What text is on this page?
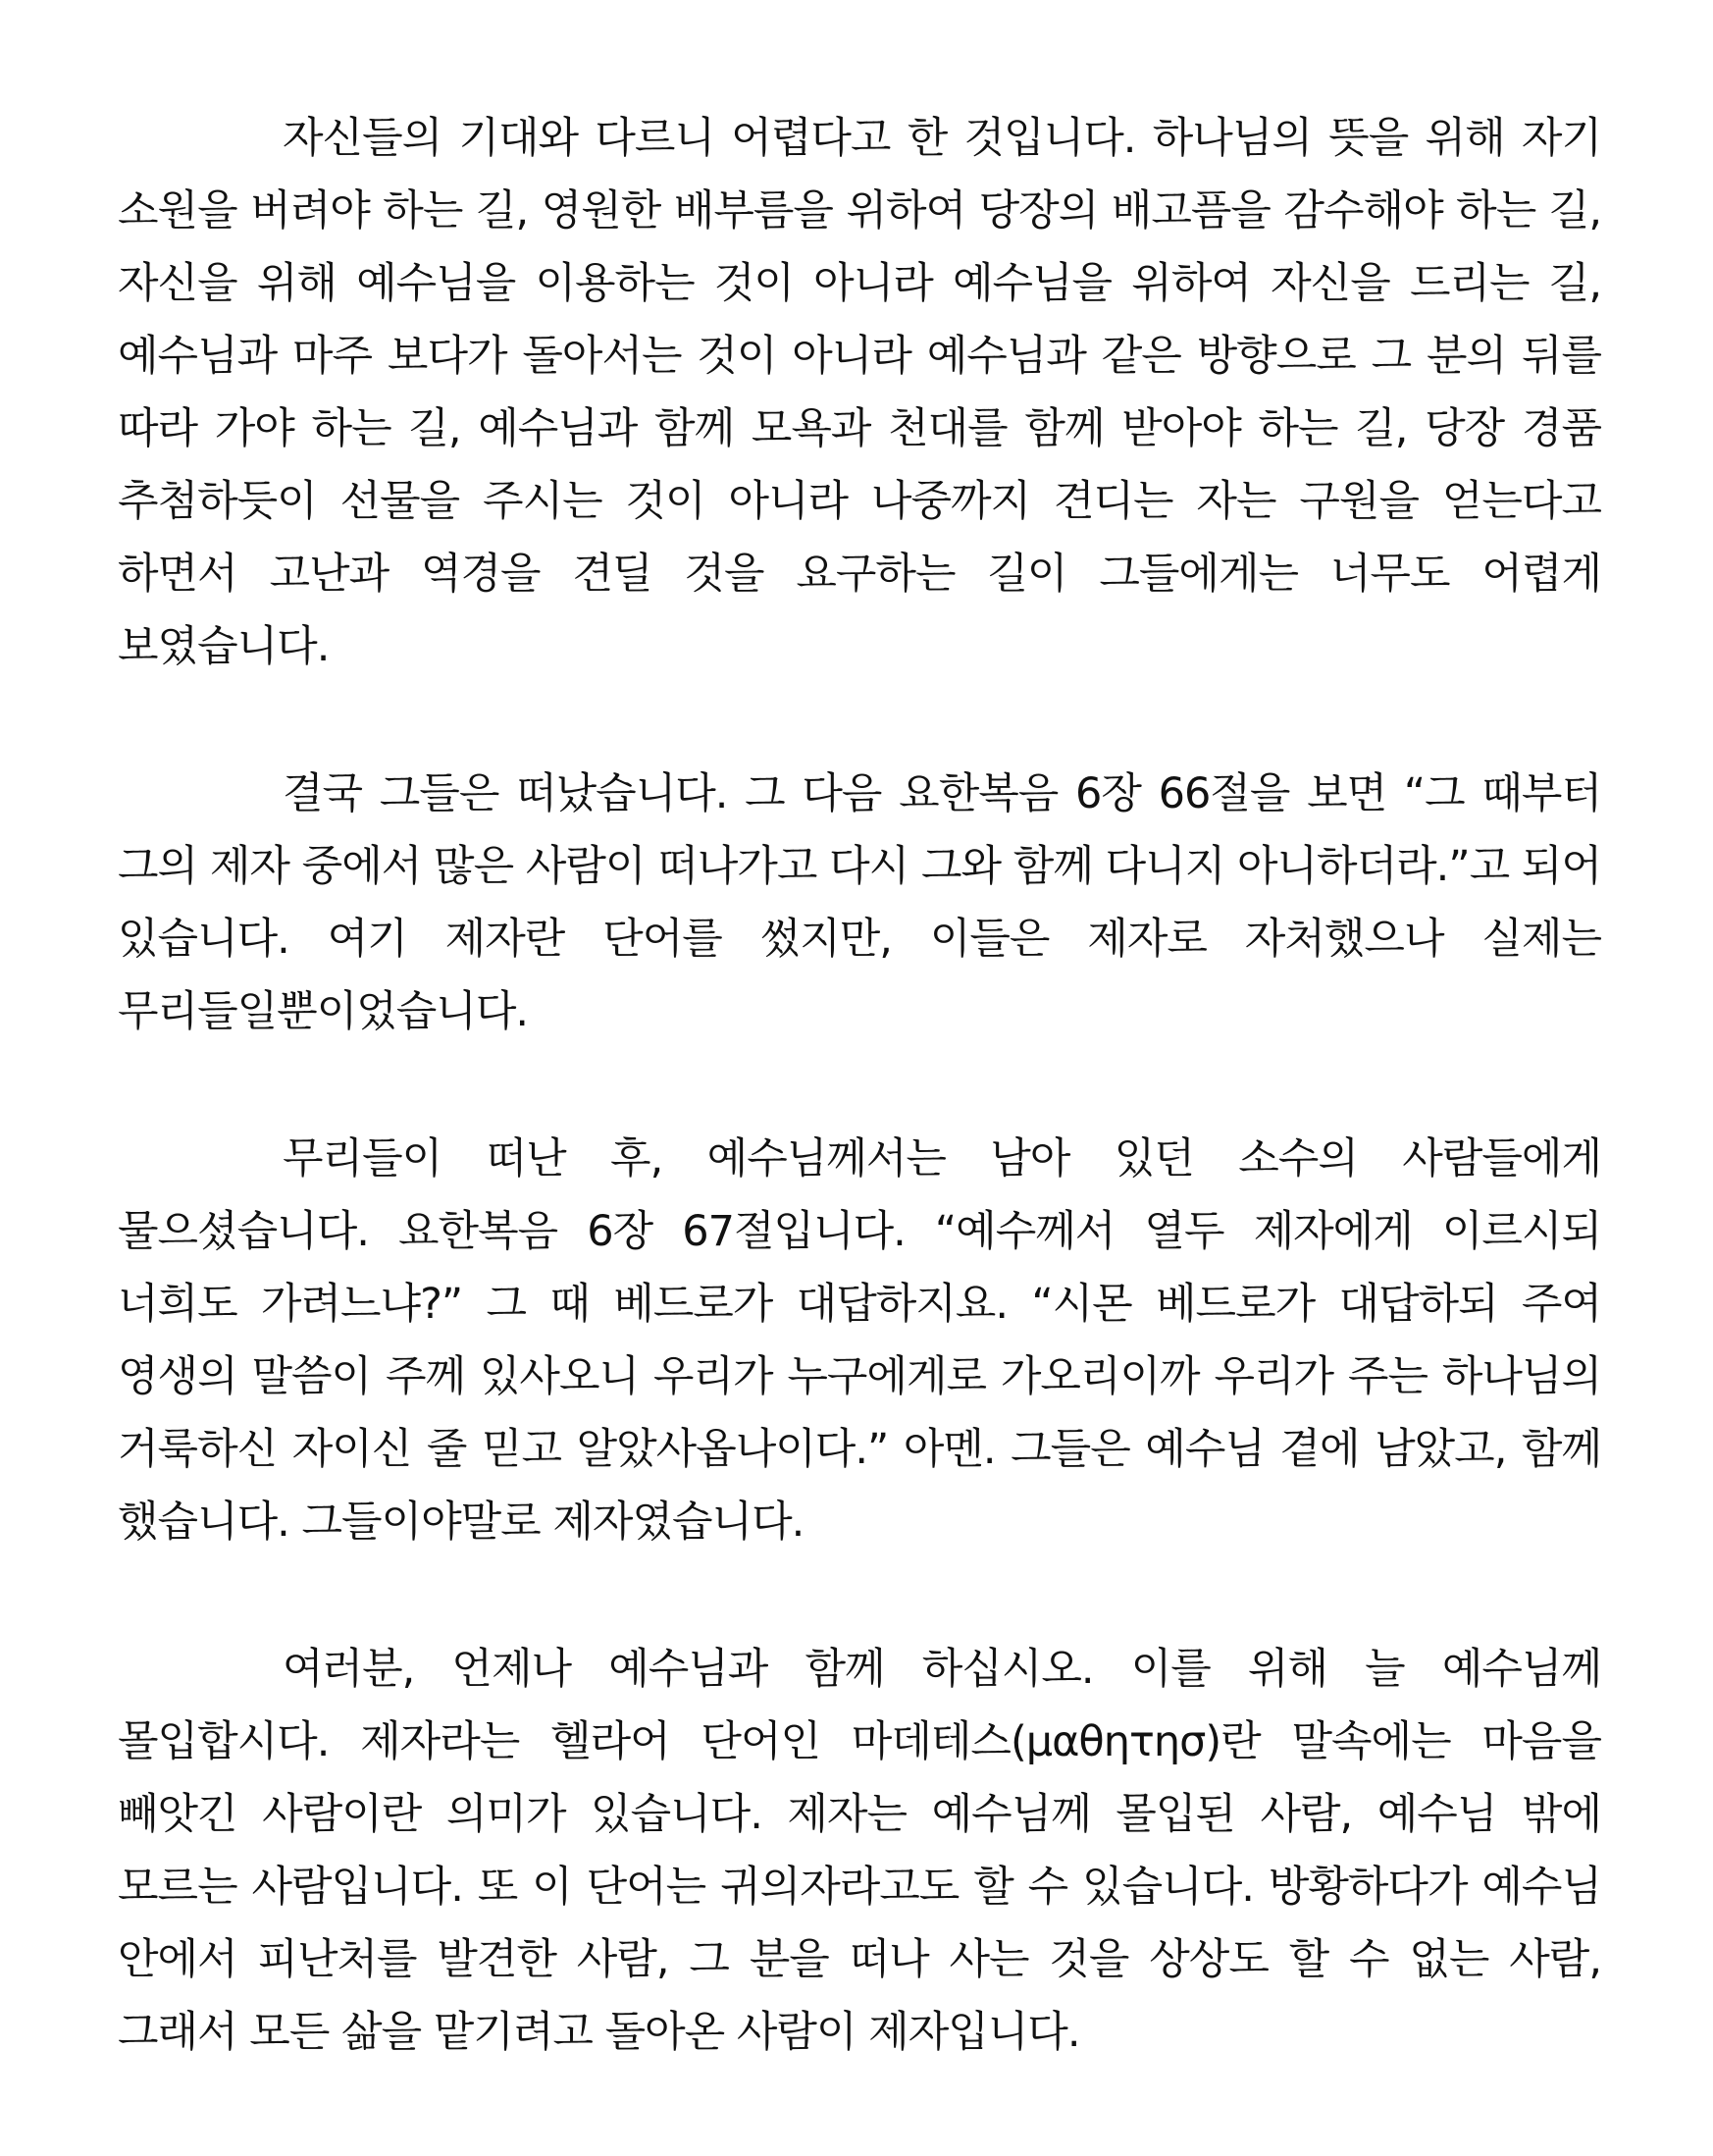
자신들의 기대와 다르니 어렵다고 한 것입니다. 하나님의 뜻을 위해 자기 소원을 버려야 하는 길, 영원한 배부름을 위하여 당장의 배고픔을 감수해야 하는 길, 자신을 위해 예수님을 이용하는 것이 아니라 예수님을 위하여 자신을 드리는 길, 예수님과 마주 보다가 돌아서는 것이 아니라 예수님과 같은 방향으로 그 분의 뒤를 따라 가야 하는 길, 예수님과 함께 모욕과 천대를 함께 받아야 하는 길, 당장 경품 추첨하듯이 선물을 주시는 것이 아니라 나중까지 견디는 자는 구원을 얻는다고 하면서 고난과 역경을 견딜 것을 요구하는 길이 그들에게는 너무도 어렵게 보였습니다.

결국 그들은 떠났습니다. 그 다음 요한복음 6장 66절을 보면 “그 때부터 그의 제자 중에서 많은 사람이 떠나가고 다시 그와 함께 다니지 아니하더라.”고 되어 있습니다. 여기 제자란 단어를 썼지만, 이들은 제자로 자처했으나 실제는 무리들일뿐이었습니다.

무리들이 떠난 후, 예수님께서는 남아 있던 소수의 사람들에게 물으셨습니다. 요한복음 6장 67절입니다. “예수께서 열두 제자에게 이르시되 너희도 가려느냐?” 그 때 베드로가 대답하지요. “시몬 베드로가 대답하되 주여 영생의 말씀이 주께 있사오니 우리가 누구에게로 가오리이까 우리가 주는 하나님의 거룩하신 자이신 줄 믿고 알았사옵나이다.” 아멘. 그들은 예수님 곁에 남았고, 함께 했습니다. 그들이야말로 제자였습니다.

여러분, 언제나 예수님과 함께 하십시오. 이를 위해 늘 예수님께 몰입합시다. 제자라는 헬라어 단어인 마데테스(μαθητησ)란 말속에는 마음을 빼앗긴 사람이란 의미가 있습니다. 제자는 예수님께 몰입된 사람, 예수님 밖에 모르는 사람입니다. 또 이 단어는 귀의자라고도 할 수 있습니다. 방황하다가 예수님 안에서 피난처를 발견한 사람, 그 분을 떠나 사는 것을 상상도 할 수 없는 사람, 그래서 모든 삶을 맡기려고 돌아온 사람이 제자입니다.
